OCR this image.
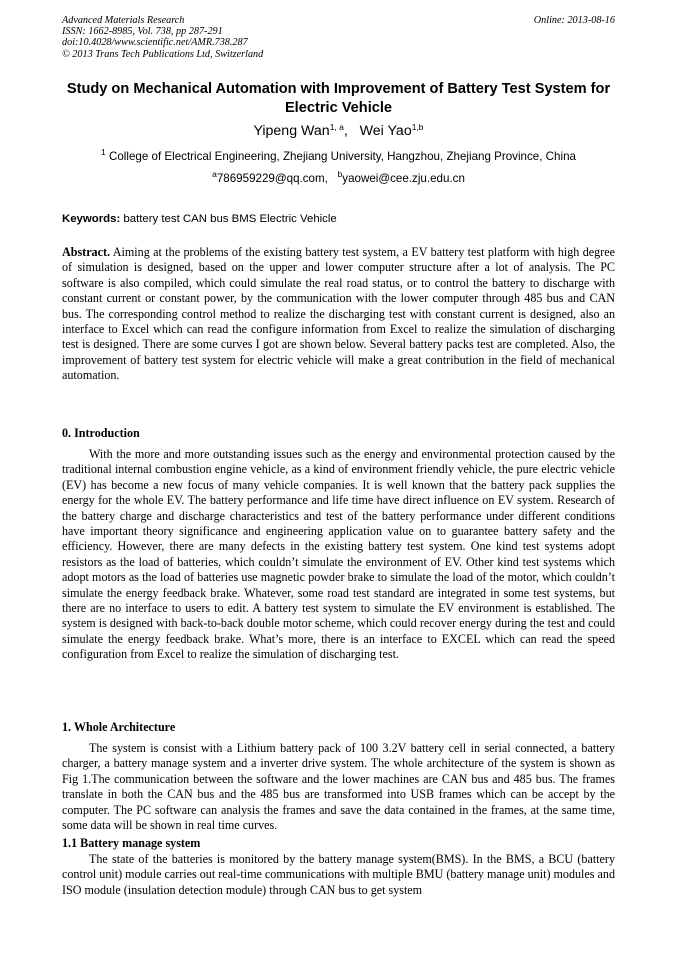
Advanced Materials Research
ISSN: 1662-8985, Vol. 738, pp 287-291
doi:10.4028/www.scientific.net/AMR.738.287
© 2013 Trans Tech Publications Ltd, Switzerland
Online: 2013-08-16
Study on Mechanical Automation with Improvement of Battery Test System for Electric Vehicle
Yipeng Wan$^{1, a}$,   Wei Yao$^{1,b}$
$^1$ College of Electrical Engineering, Zhejiang University, Hangzhou, Zhejiang Province, China
$^a$786959229@qq.com, $^b$yaowei@cee.zju.edu.cn
Keywords: battery test CAN bus BMS Electric Vehicle
Abstract. Aiming at the problems of the existing battery test system, a EV battery test platform with high degree of simulation is designed, based on the upper and lower computer structure after a lot of analysis. The PC software is also compiled, which could simulate the real road status, or to control the battery to discharge with constant current or constant power, by the communication with the lower computer through 485 bus and CAN bus. The corresponding control method to realize the discharging test with constant current is designed, also an interface to Excel which can read the configure information from Excel to realize the simulation of discharging test is designed. There are some curves I got are shown below. Several battery packs test are completed. Also, the improvement of battery test system for electric vehicle will make a great contribution in the field of mechanical automation.
0. Introduction
With the more and more outstanding issues such as the energy and environmental protection caused by the traditional internal combustion engine vehicle, as a kind of environment friendly vehicle, the pure electric vehicle (EV) has become a new focus of many vehicle companies. It is well known that the battery pack supplies the energy for the whole EV. The battery performance and life time have direct influence on EV system. Research of the battery charge and discharge characteristics and test of the battery performance under different conditions have important theory significance and engineering application value on to guarantee battery safety and the efficiency. However, there are many defects in the existing battery test system. One kind test systems adopt resistors as the load of batteries, which couldn’t simulate the environment of EV. Other kind test systems which adopt motors as the load of batteries use magnetic powder brake to simulate the load of the motor, which couldn’t simulate the energy feedback brake. Whatever, some road test standard are integrated in some test systems, but there are no interface to users to edit. A battery test system to simulate the EV environment is established. The system is designed with back-to-back double motor scheme, which could recover energy during the test and could simulate the energy feedback brake. What’s more, there is an interface to EXCEL which can read the speed configuration from Excel to realize the simulation of discharging test.
1. Whole Architecture
The system is consist with a Lithium battery pack of 100 3.2V battery cell in serial connected, a battery charger, a battery manage system and a inverter drive system. The whole architecture of the system is shown as Fig 1.The communication between the software and the lower machines are CAN bus and 485 bus. The frames translate in both the CAN bus and the 485 bus are transformed into USB frames which can be accept by the computer. The PC software can analysis the frames and save the data contained in the frames, at the same time, some data will be shown in real time curves.
1.1 Battery manage system
The state of the batteries is monitored by the battery manage system(BMS). In the BMS, a BCU (battery control unit) module carries out real-time communications with multiple BMU (battery manage unit) modules and ISO module (insulation detection module) through CAN bus to get system
